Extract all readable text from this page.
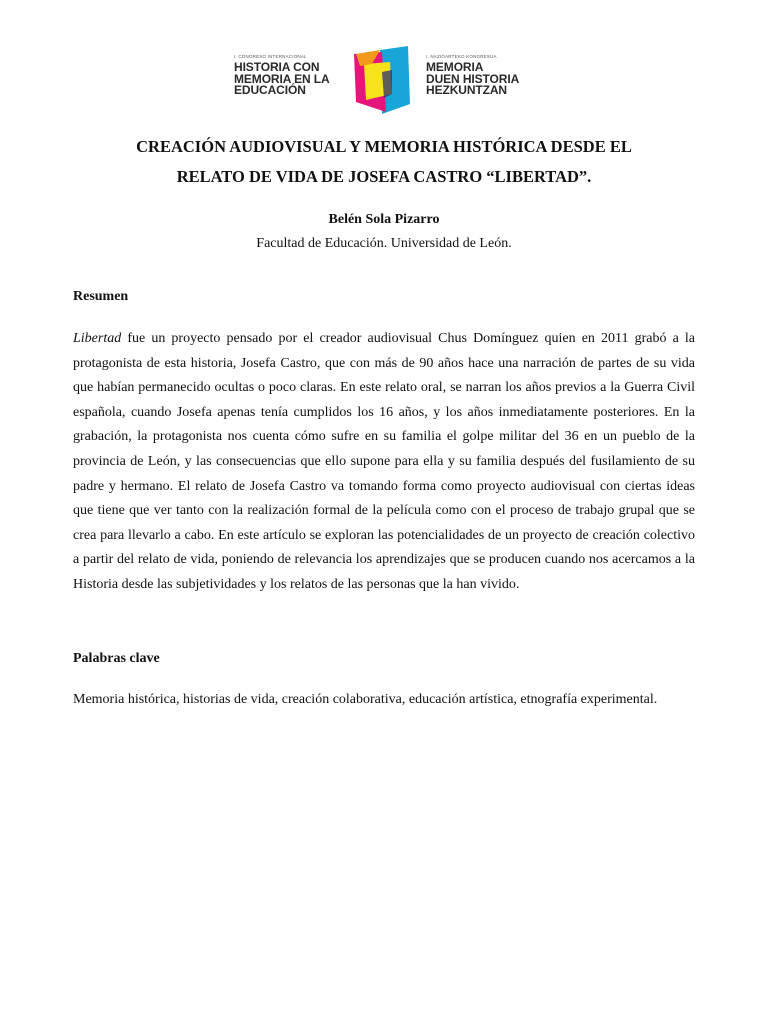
I. CONGRESO INTERNACIONAL
HISTORIA CON
MEMORIA EN LA
EDUCACIÓN
I. NAZIOARTEKO KONGRESUA
MEMORIA
DUEN HISTORIA
HEZKUNTZAN
CREACIÓN AUDIOVISUAL Y MEMORIA HISTÓRICA DESDE EL
RELATO DE VIDA DE JOSEFA CASTRO “LIBERTAD”.
Belén Sola Pizarro
Facultad de Educación. Universidad de León.
Resumen

Libertad fue un proyecto pensado por el creador audiovisual Chus Domínguez quien en 2011 grabó a la protagonista de esta historia, Josefa Castro, que con más de 90 años hace una narración de partes de su vida que habían permanecido ocultas o poco claras. En este relato oral, se narran los años previos a la Guerra Civil española, cuando Josefa apenas tenía cumplidos los 16 años, y los años inmediatamente posteriores. En la grabación, la protagonista nos cuenta cómo sufre en su familia el golpe militar del 36 en un pueblo de la provincia de León, y las consecuencias que ello supone para ella y su familia después del fusilamiento de su padre y hermano. El relato de Josefa Castro va tomando forma como proyecto audiovisual con ciertas ideas que tiene que ver tanto con la realización formal de la película como con el proceso de trabajo grupal que se crea para llevarlo a cabo. En este artículo se exploran las potencialidades de un proyecto de creación colectivo a partir del relato de vida, poniendo de relevancia los aprendizajes que se producen cuando nos acercamos a la Historia desde las subjetividades y los relatos de las personas que la han vivido.

Palabras clave

Memoria histórica, historias de vida, creación colaborativa, educación artística, etnografía experimental.
